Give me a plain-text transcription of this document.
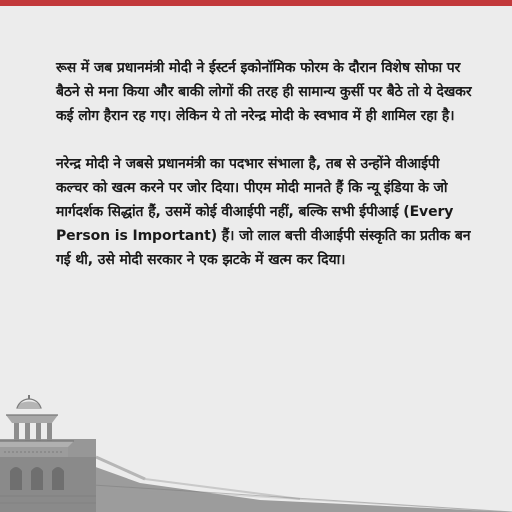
रूस में जब प्रधानमंत्री मोदी ने ईस्टर्न इकोनॉमिक फोरम के दौरान विशेष सोफा पर बैठने से मना किया और बाकी लोगों की तरह ही सामान्य कुर्सी पर बैठे तो ये देखकर कई लोग हैरान रह गए। लेकिन ये तो नरेन्द्र मोदी के स्वभाव में ही शामिल रहा है।

नरेन्द्र मोदी ने जबसे प्रधानमंत्री का पदभार संभाला है, तब से उन्होंने वीआईपी कल्चर को खत्म करने पर जोर दिया। पीएम मोदी मानते हैं कि न्यू इंडिया के जो मार्गदर्शक सिद्धांत हैं, उसमें कोई वीआईपी नहीं, बल्कि सभी ईपीआई (Every Person is Important) हैं। जो लाल बत्ती वीआईपी संस्कृति का प्रतीक बन गई थी, उसे मोदी सरकार ने एक झटके में खत्म कर दिया।
